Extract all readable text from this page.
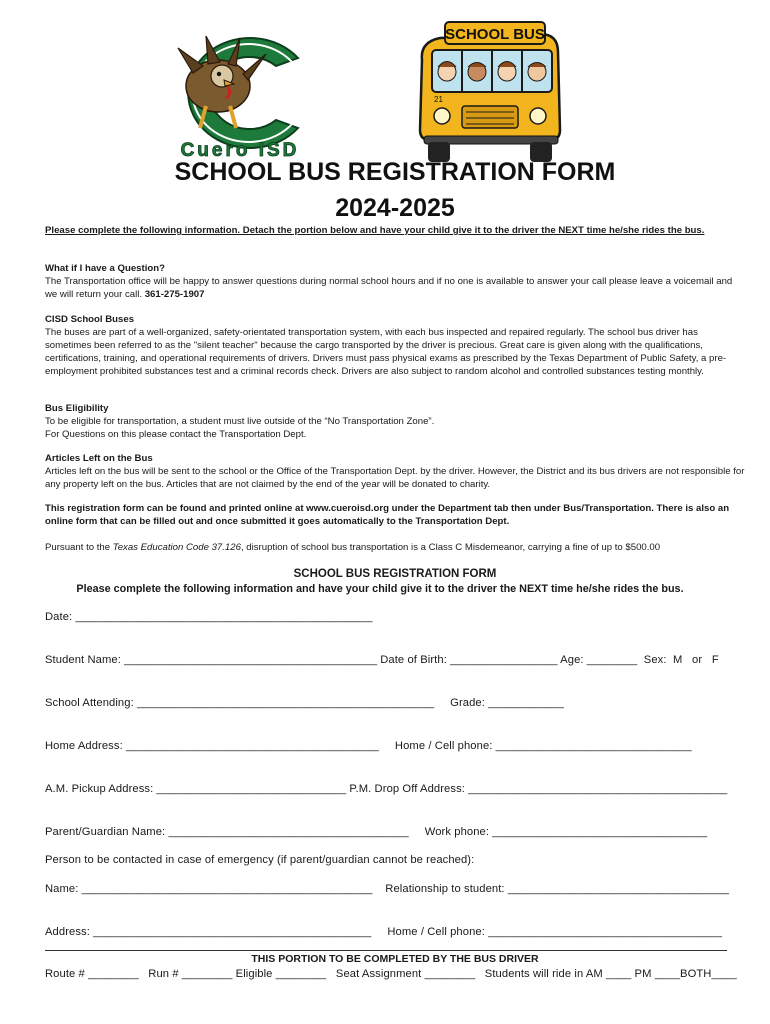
Cuero ISD
SCHOOL BUS
21
SCHOOL BUS REGISTRATION FORM
2024-2025
Please complete the following information. Detach the portion below and have your child give it to the driver the NEXT time he/she rides the bus.
What if I have a Question?
The Transportation office will be happy to answer questions during normal school hours and if no one is available to answer your call please leave a voicemail and we will return your call. 361-275-1907
CISD School Buses
The buses are part of a well-organized, safety-orientated transportation system, with each bus inspected and repaired regularly. The school bus driver has sometimes been referred to as the "silent teacher" because the cargo transported by the driver is precious. Great care is given along with the qualifications, certifications, training, and operational requirements of drivers. Drivers must pass physical exams as prescribed by the Texas Department of Public Safety, a pre-employment prohibited substances test and a criminal records check. Drivers are also subject to random alcohol and controlled substances testing monthly.
Bus Eligibility
To be eligible for transportation, a student must live outside of the “No Transportation Zone”.
For Questions on this please contact the Transportation Dept.
Articles Left on the Bus
Articles left on the bus will be sent to the school or the Office of the Transportation Dept. by the driver. However, the District and its bus drivers are not responsible for any property left on the bus. Articles that are not claimed by the end of the year will be donated to charity.
This registration form can be found and printed online at www.cueroisd.org under the Department tab then under Bus/Transportation. There is also an online form that can be filled out and once submitted it goes automatically to the Transportation Dept.
Pursuant to the Texas Education Code 37.126, disruption of school bus transportation is a Class C Misdemeanor, carrying a fine of up to $500.00
SCHOOL BUS REGISTRATION FORM
Please complete the following information and have your child give it to the driver the NEXT time he/she rides the bus.
Date: _______________________________________________
Student Name: ________________________________________ Date of Birth: _________________ Age: ________  Sex:  M   or   F
School Attending: _______________________________________________     Grade: ____________
Home Address: ________________________________________     Home / Cell phone: _______________________________
A.M. Pickup Address: ______________________________ P.M. Drop Off Address: _________________________________________
Parent/Guardian Name: ______________________________________     Work phone: __________________________________
Person to be contacted in case of emergency (if parent/guardian cannot be reached):
Name: ______________________________________________    Relationship to student: ___________________________________
Address: ____________________________________________     Home / Cell phone: _____________________________________
THIS PORTION TO BE COMPLETED BY THE BUS DRIVER
Route # ________   Run # ________ Eligible ________   Seat Assignment ________   Students will ride in AM ____ PM ____BOTH____
